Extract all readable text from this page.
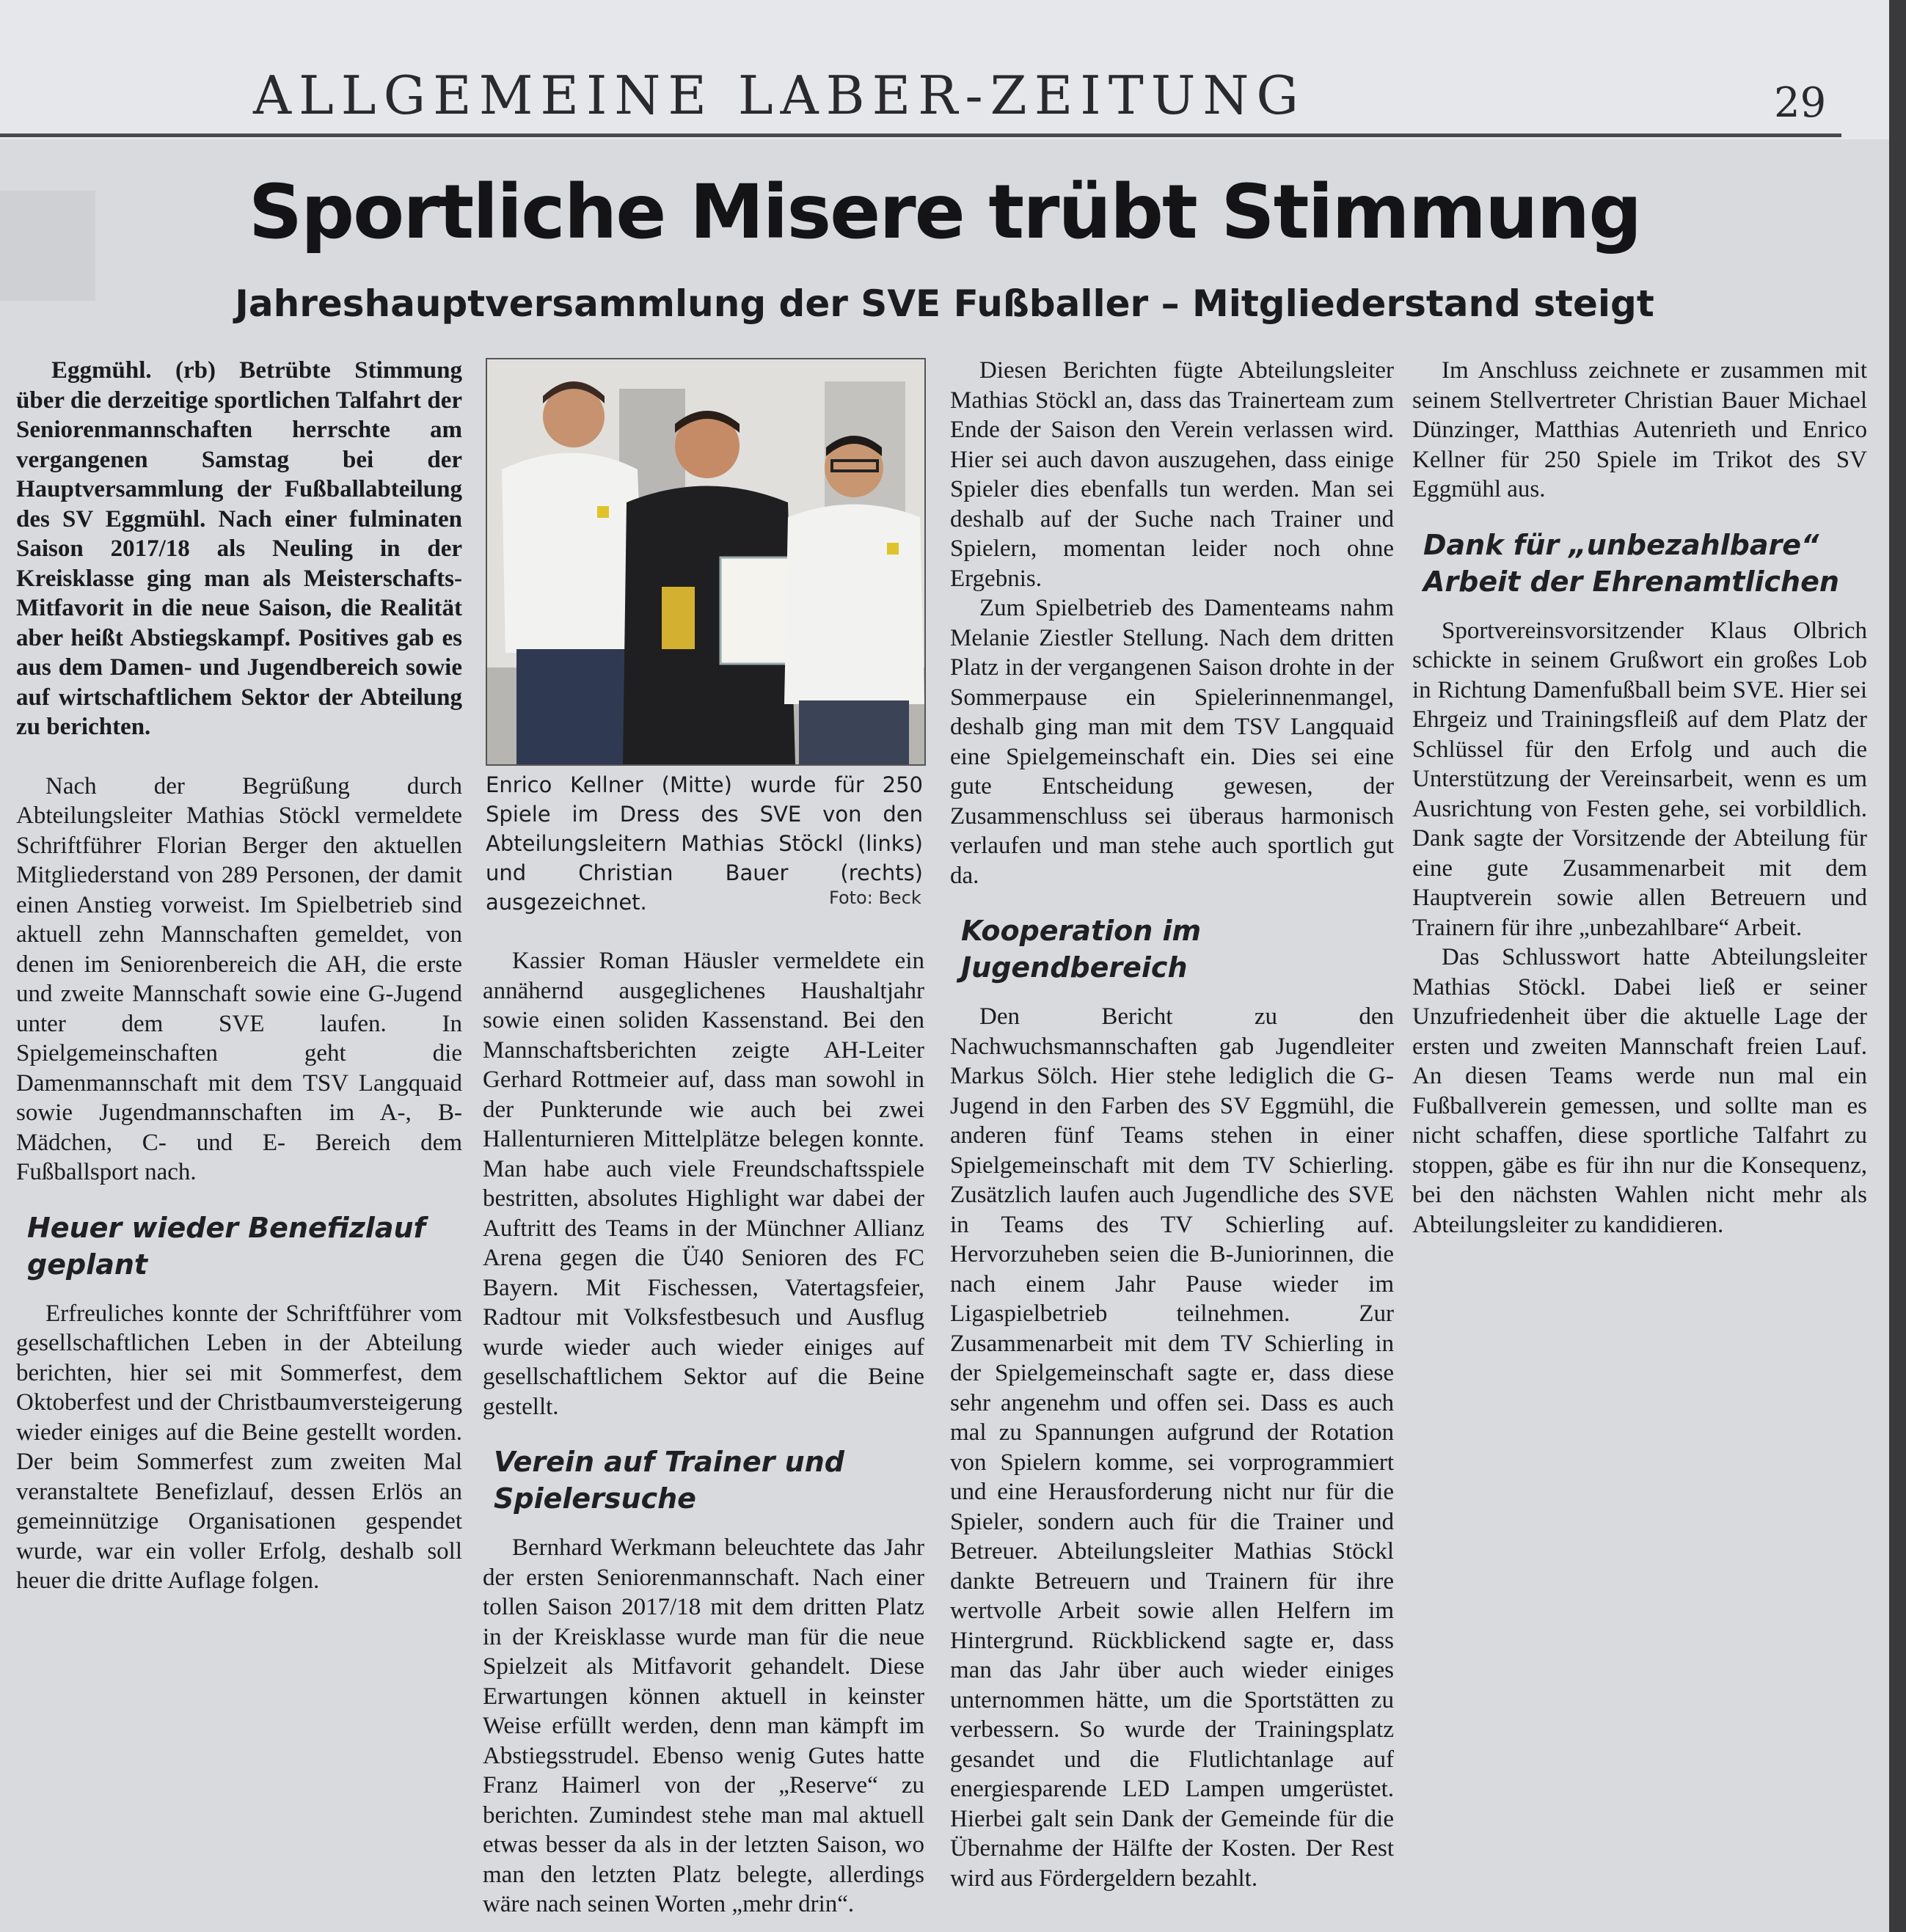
ALLGEMEINE LABER-ZEITUNG	29
Sportliche Misere trübt Stimmung
Jahreshauptversammlung der SVE Fußballer – Mitgliederstand steigt

Eggmühl. (rb) Betrübte Stimmung über die derzeitige sportlichen Talfahrt der Seniorenmannschaften herrschte am vergangenen Samstag bei der Hauptversammlung der Fußballabteilung des SV Eggmühl. Nach einer fulminaten Saison 2017/18 als Neuling in der Kreisklasse ging man als Meisterschafts-Mitfavorit in die neue Saison, die Realität aber heißt Abstiegskampf. Positives gab es aus dem Damen- und Jugendbereich sowie auf wirtschaftlichem Sektor der Abteilung zu berichten.

Nach der Begrüßung durch Abteilungsleiter Mathias Stöckl vermeldete Schriftführer Florian Berger den aktuellen Mitgliederstand von 289 Personen, der damit einen Anstieg vorweist. Im Spielbetrieb sind aktuell zehn Mannschaften gemeldet, von denen im Seniorenbereich die AH, die erste und zweite Mannschaft sowie eine G-Jugend unter dem SVE laufen. In Spielgemeinschaften geht die Damenmannschaft mit dem TSV Langquaid sowie Jugendmannschaften im A-, B-Mädchen, C- und E- Bereich dem Fußballsport nach.

Heuer wieder Benefizlauf geplant

Erfreuliches konnte der Schriftführer vom gesellschaftlichen Leben in der Abteilung berichten, hier sei mit Sommerfest, dem Oktoberfest und der Christbaumversteigerung wieder einiges auf die Beine gestellt worden. Der beim Sommerfest zum zweiten Mal veranstaltete Benefizlauf, dessen Erlös an gemeinnützige Organisationen gespendet wurde, war ein voller Erfolg, deshalb soll heuer die dritte Auflage folgen.

Enrico Kellner (Mitte) wurde für 250 Spiele im Dress des SVE von den Abteilungsleitern Mathias Stöckl (links) und Christian Bauer (rechts) ausgezeichnet.	Foto: Beck

Kassier Roman Häusler vermeldete ein annähernd ausgeglichenes Haushaltjahr sowie einen soliden Kassenstand. Bei den Mannschaftsberichten zeigte AH-Leiter Gerhard Rottmeier auf, dass man sowohl in der Punkterunde wie auch bei zwei Hallenturnieren Mittelplätze belegen konnte. Man habe auch viele Freundschaftsspiele bestritten, absolutes Highlight war dabei der Auftritt des Teams in der Münchner Allianz Arena gegen die Ü40 Senioren des FC Bayern. Mit Fischessen, Vatertagsfeier, Radtour mit Volksfestbesuch und Ausflug wurde wieder auch wieder einiges auf gesellschaftlichem Sektor auf die Beine gestellt.

Verein auf Trainer und Spielersuche

Bernhard Werkmann beleuchtete das Jahr der ersten Seniorenmannschaft. Nach einer tollen Saison 2017/18 mit dem dritten Platz in der Kreisklasse wurde man für die neue Spielzeit als Mitfavorit gehandelt. Diese Erwartungen können aktuell in keinster Weise erfüllt werden, denn man kämpft im Abstiegsstrudel. Ebenso wenig Gutes hatte Franz Haimerl von der „Reserve“ zu berichten. Zumindest stehe man mal aktuell etwas besser da als in der letzten Saison, wo man den letzten Platz belegte, allerdings wäre nach seinen Worten „mehr drin“.

Diesen Berichten fügte Abteilungsleiter Mathias Stöckl an, dass das Trainerteam zum Ende der Saison den Verein verlassen wird. Hier sei auch davon auszugehen, dass einige Spieler dies ebenfalls tun werden. Man sei deshalb auf der Suche nach Trainer und Spielern, momentan leider noch ohne Ergebnis.

Zum Spielbetrieb des Damenteams nahm Melanie Ziestler Stellung. Nach dem dritten Platz in der vergangenen Saison drohte in der Sommerpause ein Spielerinnenmangel, deshalb ging man mit dem TSV Langquaid eine Spielgemeinschaft ein. Dies sei eine gute Entscheidung gewesen, der Zusammenschluss sei überaus harmonisch verlaufen und man stehe auch sportlich gut da.

Kooperation im Jugendbereich

Den Bericht zu den Nachwuchsmannschaften gab Jugendleiter Markus Sölch. Hier stehe lediglich die G-Jugend in den Farben des SV Eggmühl, die anderen fünf Teams stehen in einer Spielgemeinschaft mit dem TV Schierling. Zusätzlich laufen auch Jugendliche des SVE in Teams des TV Schierling auf. Hervorzuheben seien die B-Juniorinnen, die nach einem Jahr Pause wieder im Ligaspielbetrieb teilnehmen. Zur Zusammenarbeit mit dem TV Schierling in der Spielgemeinschaft sagte er, dass diese sehr angenehm und offen sei. Dass es auch mal zu Spannungen aufgrund der Rotation von Spielern komme, sei vorprogrammiert und eine Herausforderung nicht nur für die Spieler, sondern auch für die Trainer und Betreuer. Abteilungsleiter Mathias Stöckl dankte Betreuern und Trainern für ihre wertvolle Arbeit sowie allen Helfern im Hintergrund. Rückblickend sagte er, dass man das Jahr über auch wieder einiges unternommen hätte, um die Sportstätten zu verbessern. So wurde der Trainingsplatz gesandet und die Flutlichtanlage auf energiesparende LED Lampen umgerüstet. Hierbei galt sein Dank der Gemeinde für die Übernahme der Hälfte der Kosten. Der Rest wird aus Fördergeldern bezahlt.

Im Anschluss zeichnete er zusammen mit seinem Stellvertreter Christian Bauer Michael Dünzinger, Matthias Autenrieth und Enrico Kellner für 250 Spiele im Trikot des SV Eggmühl aus.

Dank für „unbezahlbare“ Arbeit der Ehrenamtlichen

Sportvereinsvorsitzender Klaus Olbrich schickte in seinem Grußwort ein großes Lob in Richtung Damenfußball beim SVE. Hier sei Ehrgeiz und Trainingsfleiß auf dem Platz der Schlüssel für den Erfolg und auch die Unterstützung der Vereinsarbeit, wenn es um Ausrichtung von Festen gehe, sei vorbildlich. Dank sagte der Vorsitzende der Abteilung für eine gute Zusammenarbeit mit dem Hauptverein sowie allen Betreuern und Trainern für ihre „unbezahlbare“ Arbeit.

Das Schlusswort hatte Abteilungsleiter Mathias Stöckl. Dabei ließ er seiner Unzufriedenheit über die aktuelle Lage der ersten und zweiten Mannschaft freien Lauf. An diesen Teams werde nun mal ein Fußballverein gemessen, und sollte man es nicht schaffen, diese sportliche Talfahrt zu stoppen, gäbe es für ihn nur die Konsequenz, bei den nächsten Wahlen nicht mehr als Abteilungsleiter zu kandidieren.
